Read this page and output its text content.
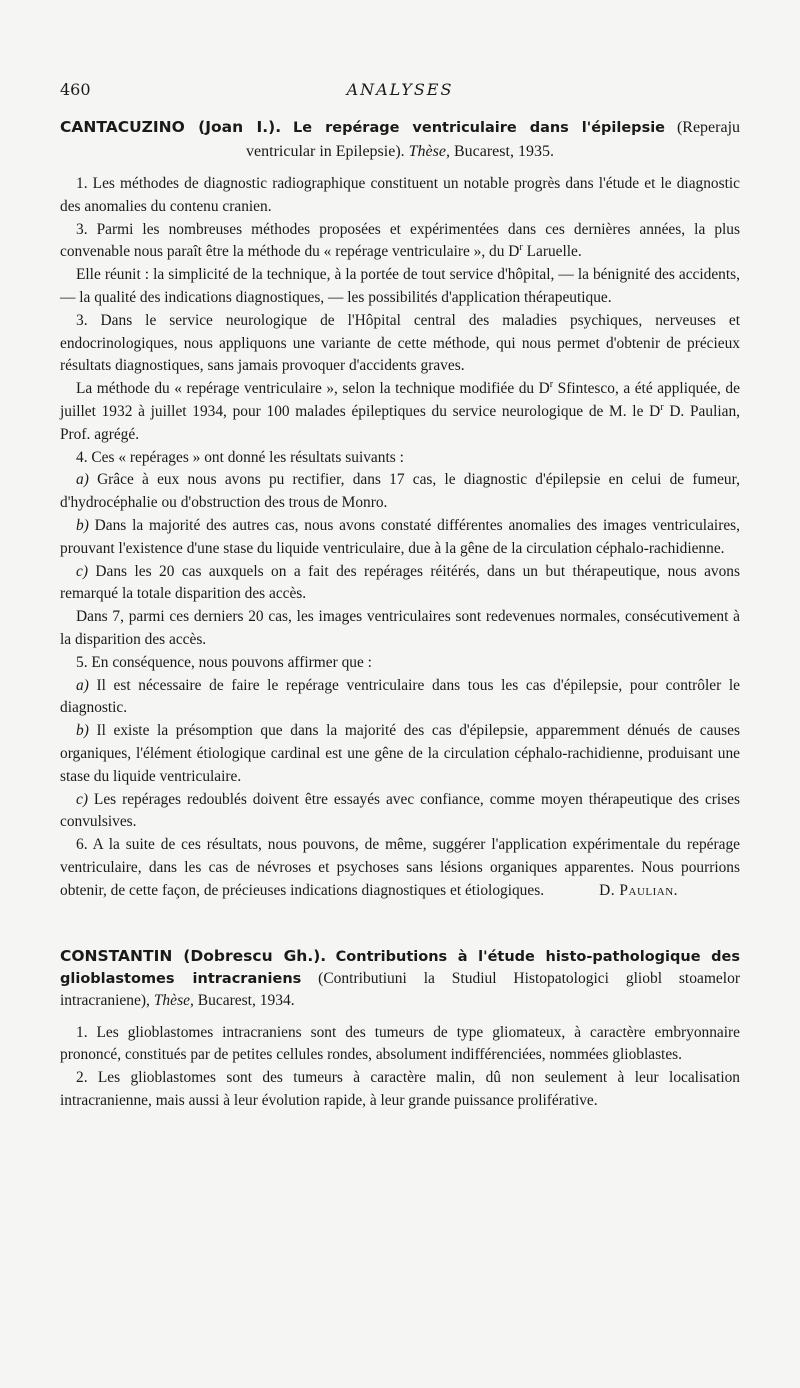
460	ANALYSES

CANTACUZINO (Joan I.). Le repérage ventriculaire dans l'épilepsie (Reperaju ventricular in Epilepsie). Thèse, Bucarest, 1935.

1. Les méthodes de diagnostic radiographique constituent un notable progrès dans l'étude et le diagnostic des anomalies du contenu cranien.

3. Parmi les nombreuses méthodes proposées et expérimentées dans ces dernières années, la plus convenable nous paraît être la méthode du « repérage ventriculaire », du $D^r$ Laruelle.

Elle réunit : la simplicité de la technique, à la portée de tout service d'hôpital, — la bénignité des accidents, — la qualité des indications diagnostiques, — les possibilités d'application thérapeutique.

3. Dans le service neurologique de l'Hôpital central des maladies psychiques, nerveuses et endocrinologiques, nous appliquons une variante de cette méthode, qui nous permet d'obtenir de précieux résultats diagnostiques, sans jamais provoquer d'accidents graves.

La méthode du « repérage ventriculaire », selon la technique modifiée du $D^r$ Sfintesco, a été appliquée, de juillet 1932 à juillet 1934, pour 100 malades épileptiques du service neurologique de M. le $D^r$ D. Paulian, Prof. agrégé.

4. Ces « repérages » ont donné les résultats suivants :

a) Grâce à eux nous avons pu rectifier, dans 17 cas, le diagnostic d'épilepsie en celui de fumeur, d'hydrocéphalie ou d'obstruction des trous de Monro.

b) Dans la majorité des autres cas, nous avons constaté différentes anomalies des images ventriculaires, prouvant l'existence d'une stase du liquide ventriculaire, due à la gêne de la circulation céphalo-rachidienne.

c) Dans les 20 cas auxquels on a fait des repérages réitérés, dans un but thérapeutique, nous avons remarqué la totale disparition des accès.

Dans 7, parmi ces derniers 20 cas, les images ventriculaires sont redevenues normales, consécutivement à la disparition des accès.

5. En conséquence, nous pouvons affirmer que :

a) Il est nécessaire de faire le repérage ventriculaire dans tous les cas d'épilepsie, pour contrôler le diagnostic.

b) Il existe la présomption que dans la majorité des cas d'épilepsie, apparemment dénués de causes organiques, l'élément étiologique cardinal est une gêne de la circulation céphalo-rachidienne, produisant une stase du liquide ventriculaire.

c) Les repérages redoublés doivent être essayés avec confiance, comme moyen thérapeutique des crises convulsives.

6. A la suite de ces résultats, nous pouvons, de même, suggérer l'application expérimentale du repérage ventriculaire, dans les cas de névroses et psychoses sans lésions organiques apparentes. Nous pourrions obtenir, de cette façon, de précieuses indications diagnostiques et étiologiques.	D. Paulian.

CONSTANTIN (Dobrescu Gh.). Contributions à l'étude histo-pathologique des glioblastomes intracraniens (Contributiuni la Studiul Histopatologici gliobl stoamelor intracraniene), Thèse, Bucarest, 1934.

1. Les glioblastomes intracraniens sont des tumeurs de type gliomateux, à caractère embryonnaire prononcé, constitués par de petites cellules rondes, absolument indifférenciées, nommées glioblastes.

2. Les glioblastomes sont des tumeurs à caractère malin, dû non seulement à leur localisation intracranienne, mais aussi à leur évolution rapide, à leur grande puissance proliférative.
